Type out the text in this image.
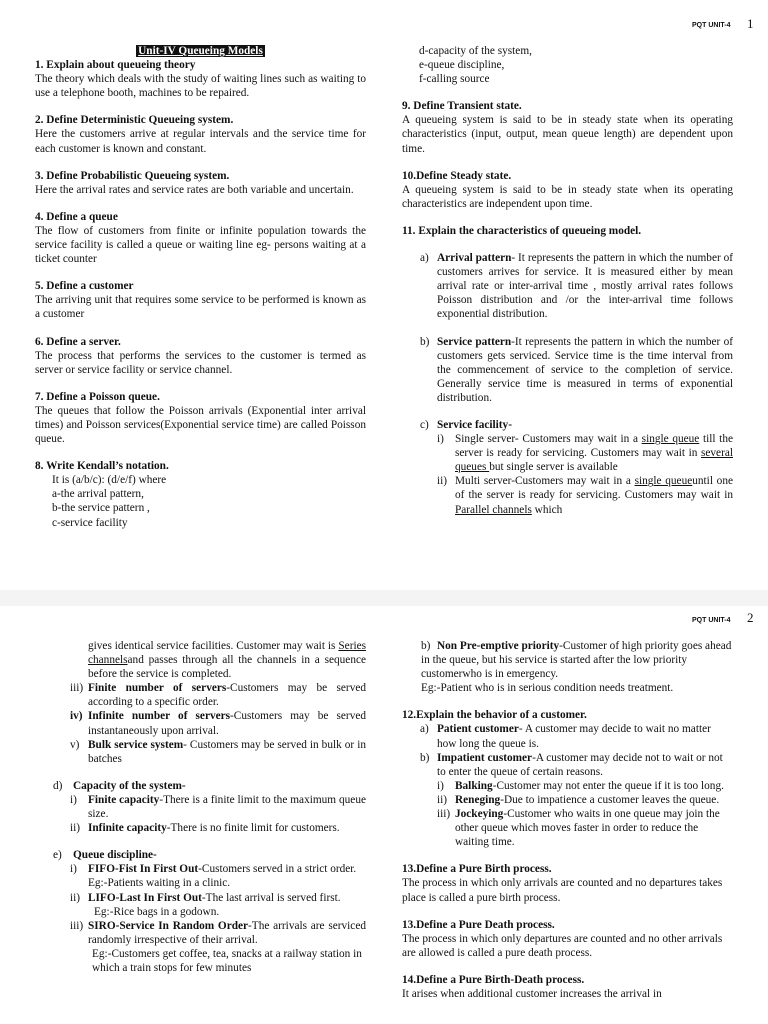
PQT UNIT-4 1

Unit-IV Queueing Models

1. Explain about queueing theory

The theory which deals with the study of waiting lines such as waiting to use a telephone booth, machines to be repaired.

2. Define Deterministic Queueing system.

Here the customers arrive at regular intervals and the service time for each customer is known and constant.

3. Define Probabilistic Queueing system.

Here the arrival rates and service rates are both variable and uncertain.

4. Define a queue

The flow of customers from finite or infinite population towards the service facility is called a queue or waiting line eg- persons waiting at a ticket counter

5. Define a customer

The arriving unit that requires some service to be performed is known as a customer

6. Define a server.

The process that performs the services to the customer is termed as server or service facility or service channel.

7. Define a Poisson queue.

The queues that follow the Poisson arrivals (Exponential inter arrival times) and Poisson services(Exponential service time) are called Poisson queue.

8. Write Kendall’s notation.

It is (a/b/c): (d/e/f) where

a-the arrival pattern,

b-the service pattern ,

c-service facility

d-capacity of the system,

e-queue discipline,

f-calling source

9. Define Transient state.

A queueing system is said to be in steady state when its operating characteristics (input, output, mean queue length) are dependent upon time.

10.Define Steady state.

A queueing system is said to be in steady state when its operating characteristics are independent upon time.

11. Explain the characteristics of queueing model.

a) Arrival pattern- It represents the pattern in which the number of customers arrives for service. It is measured either by mean arrival rate or inter-arrival time , mostly arrival rates follows Poisson distribution and /or the inter-arrival time follows exponential distribution.

b) Service pattern-It represents the pattern in which the number of customers gets serviced. Service time is the time interval from the commencement of service to the completion of service. Generally service time is measured in terms of exponential distribution.

c) Service facility-

i) Single server- Customers may wait in a single queue till the server is ready for servicing. Customers may wait in several queues but single server is available

ii) Multi server-Customers may wait in a single queueuntil one of the server is ready for servicing. Customers may wait in Parallel channels which

PQT UNIT-4 2

gives identical service facilities. Customer may wait is Series channelsand passes through all the channels in a sequence before the service is completed.

iii) Finite number of servers-Customers may be served according to a specific order.

iv) Infinite number of servers-Customers may be served instantaneously upon arrival.

v) Bulk service system- Customers may be served in bulk or in batches

d) Capacity of the system-

i) Finite capacity-There is a finite limit to the maximum queue size.

ii) Infinite capacity-There is no finite limit for customers.

e) Queue discipline-

i) FIFO-Fist In First Out-Customers served in a strict order.

Eg:-Patients waiting in a clinic.

ii) LIFO-Last In First Out-The last arrival is served first.

Eg:-Rice bags in a godown.

iii) SIRO-Service In Random Order-The arrivals are serviced randomly irrespective of their arrival.

Eg:-Customers get coffee, tea, snacks at a railway station in which a train stops for few minutes

b) Non Pre-emptive priority-Customer of high priority goes ahead in the queue, but his service is started after the low priority customerwho is in emergency.

Eg:-Patient who is in serious condition needs treatment.

12.Explain the behavior of a customer.

a) Patient customer- A customer may decide to wait no matter how long the queue is.

b) Impatient customer-A customer may decide not to wait or not to enter the queue of certain reasons.

i) Balking-Customer may not enter the queue if it is too long.

ii) Reneging-Due to impatience a customer leaves the queue.

iii) Jockeying-Customer who waits in one queue may join the other queue which moves faster in order to reduce the waiting time.

13.Define a Pure Birth process.

The process in which only arrivals are counted and no departures takes place is called a pure birth process.

13.Define a Pure Death process.

The process in which only departures are counted and no other arrivals are allowed is called a pure death process.

14.Define a Pure Birth-Death process.

It arises when additional customer increases the arrival in
